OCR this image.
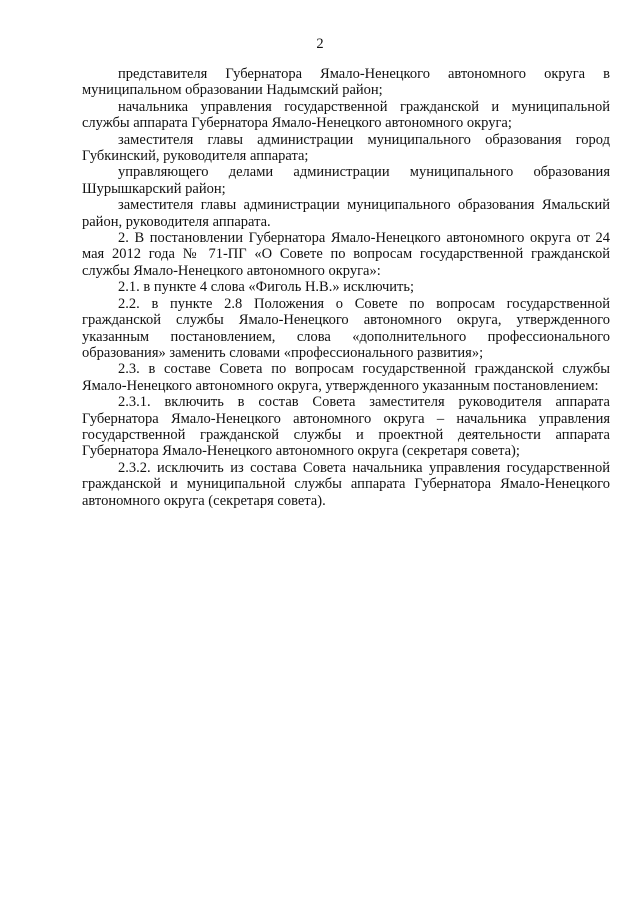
2

представителя Губернатора Ямало-Ненецкого автономного округа в муниципальном образовании Надымский район;

начальника управления государственной гражданской и муниципальной службы аппарата Губернатора Ямало-Ненецкого автономного округа;

заместителя главы администрации муниципального образования город Губкинский, руководителя аппарата;

управляющего делами администрации муниципального образования Шурышкарский район;

заместителя главы администрации муниципального образования Ямальский район, руководителя аппарата.

2. В постановлении Губернатора Ямало-Ненецкого автономного округа от 24 мая 2012 года № 71-ПГ «О Совете по вопросам государственной гражданской службы Ямало-Ненецкого автономного округа»:

2.1. в пункте 4 слова «Фиголь Н.В.» исключить;

2.2. в пункте 2.8 Положения о Совете по вопросам государственной гражданской службы Ямало-Ненецкого автономного округа, утвержденного указанным постановлением, слова «дополнительного профессионального образования» заменить словами «профессионального развития»;

2.3. в составе Совета по вопросам государственной гражданской службы Ямало-Ненецкого автономного округа, утвержденного указанным постановлением:

2.3.1. включить в состав Совета заместителя руководителя аппарата Губернатора Ямало-Ненецкого автономного округа – начальника управления государственной гражданской службы и проектной деятельности аппарата Губернатора Ямало-Ненецкого автономного округа (секретаря совета);

2.3.2. исключить из состава Совета начальника управления государственной гражданской и муниципальной службы аппарата Губернатора Ямало-Ненецкого автономного округа (секретаря совета).
